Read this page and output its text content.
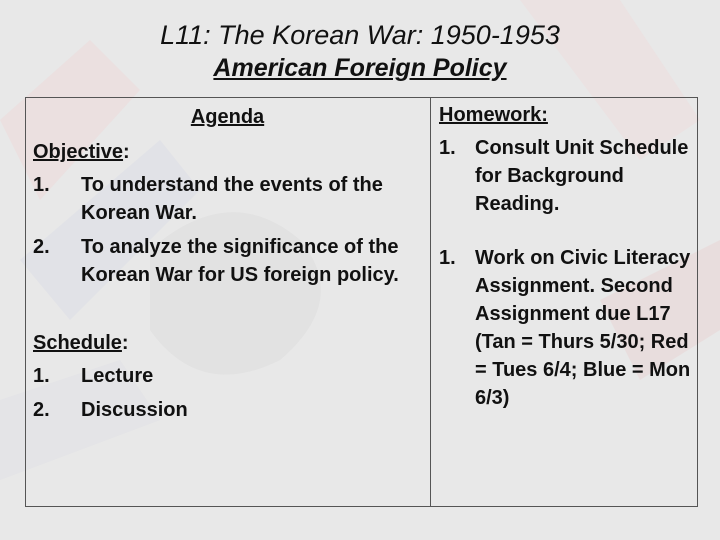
L11: The Korean War: 1950-1953
American Foreign Policy
Agenda
Objective:
1.	To understand the events of the Korean War.
2.	To analyze the significance of the Korean War for US foreign policy.
Schedule:
1.	Lecture
2.	Discussion
Homework:
1. Consult Unit Schedule for Background Reading.
1. Work on Civic Literacy Assignment. Second Assignment due L17 (Tan = Thurs 5/30; Red = Tues 6/4; Blue = Mon 6/3)
